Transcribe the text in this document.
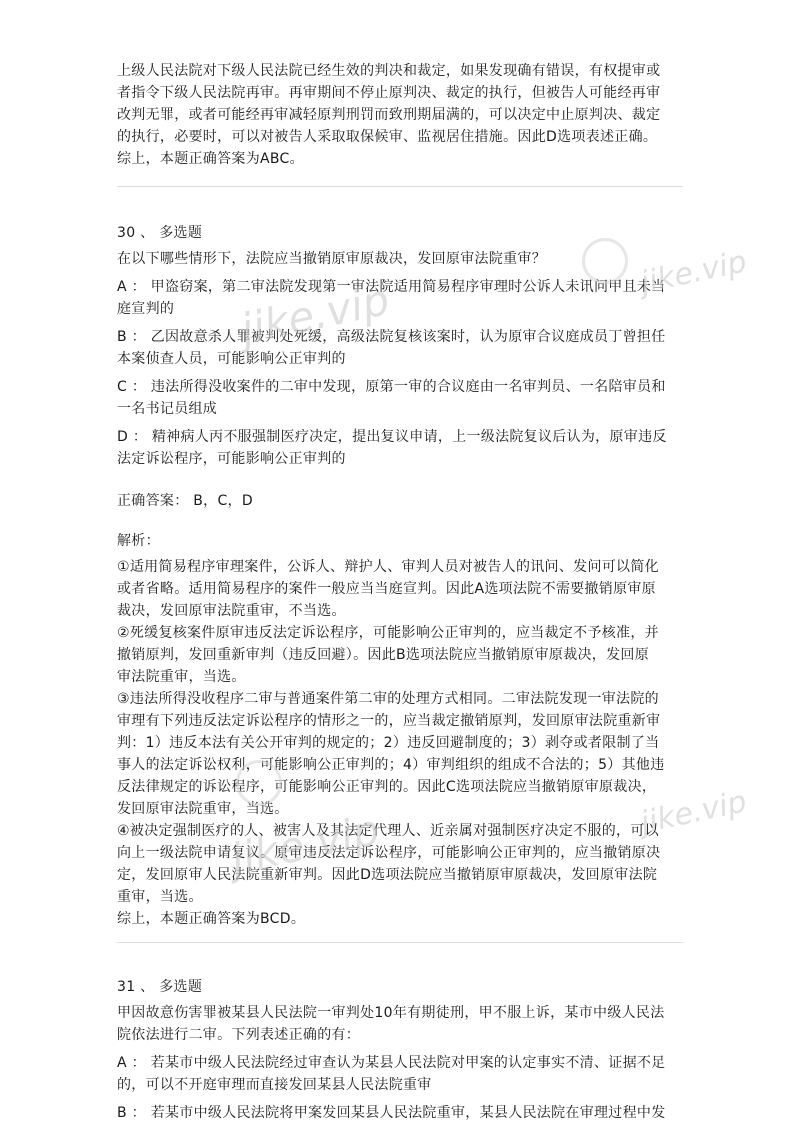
上级人民法院对下级人民法院已经生效的判决和裁定，如果发现确有错误，有权提审或

者指令下级人民法院再审。再审期间不停止原判决、裁定的执行，但被告人可能经再审

改判无罪，或者可能经再审减轻原判刑罚而致刑期届满的，可以决定中止原判决、裁定

的执行，必要时，可以对被告人采取取保候审、监视居住措施。因此D选项表述正确。

综上，本题正确答案为ABC。

30 、 多选题

在以下哪些情形下，法院应当撤销原审原裁决，发回原审法院重审？

A ： 甲盗窃案，第二审法院发现第一审法院适用简易程序审理时公诉人未讯问甲且未当

庭宣判的

B ： 乙因故意杀人罪被判处死缓，高级法院复核该案时，认为原审合议庭成员丁曾担任

本案侦查人员，可能影响公正审判的

C ： 违法所得没收案件的二审中发现，原第一审的合议庭由一名审判员、一名陪审员和

一名书记员组成

D ： 精神病人丙不服强制医疗决定，提出复议申请，上一级法院复议后认为，原审违反

法定诉讼程序，可能影响公正审判的

正确答案： B，C，D

解析：

①适用简易程序审理案件，公诉人、辩护人、审判人员对被告人的讯问、发问可以简化

或者省略。适用简易程序的案件一般应当当庭宣判。因此A选项法院不需要撤销原审原

裁决，发回原审法院重审，不当选。

②死缓复核案件原审违反法定诉讼程序，可能影响公正审判的，应当裁定不予核准，并

撤销原判，发回重新审判（违反回避）。因此B选项法院应当撤销原审原裁决，发回原

审法院重审，当选。

③违法所得没收程序二审与普通案件第二审的处理方式相同。二审法院发现一审法院的

审理有下列违反法定诉讼程序的情形之一的，应当裁定撤销原判，发回原审法院重新审

判：1）违反本法有关公开审判的规定的；2）违反回避制度的；3）剥夺或者限制了当

事人的法定诉讼权利，可能影响公正审判的；4）审判组织的组成不合法的；5）其他违

反法律规定的诉讼程序，可能影响公正审判的。因此C选项法院应当撤销原审原裁决，

发回原审法院重审，当选。

④被决定强制医疗的人、被害人及其法定代理人、近亲属对强制医疗决定不服的，可以

向上一级法院申请复议。原审违反法定诉讼程序，可能影响公正审判的，应当撤销原决

定，发回原审人民法院重新审判。因此D选项法院应当撤销原审原裁决，发回原审法院

重审，当选。

综上，本题正确答案为BCD。

31 、 多选题

甲因故意伤害罪被某县人民法院一审判处10年有期徒刑，甲不服上诉，某市中级人民法

院依法进行二审。下列表述正确的有：

A ： 若某市中级人民法院经过审查认为某县人民法院对甲案的认定事实不清、证据不足

的，可以不开庭审理而直接发回某县人民法院重审

B ： 若某市中级人民法院将甲案发回某县人民法院重审，某县人民法院在审理过程中发

jike.vip
jike.vip
jike.vip	jike.vip
